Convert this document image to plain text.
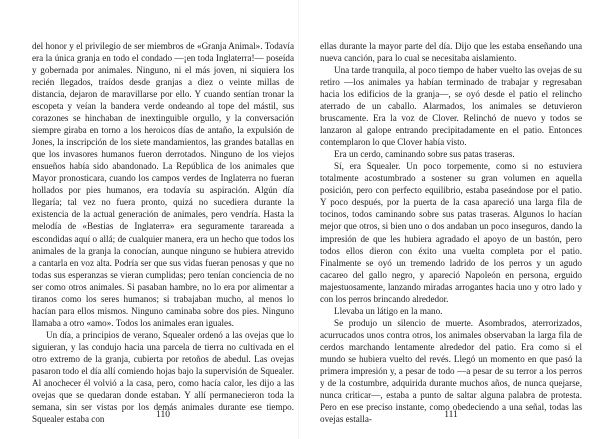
del honor y el privilegio de ser miembros de «Granja Animal». Todavía era la única granja en todo el condado —¡en toda Inglaterra!— poseída y gobernada por animales. Ninguno, ni el más joven, ni siquiera los recién llegados, traídos desde granjas a diez o veinte millas de distancia, dejaron de maravillarse por ello. Y cuando sentían tronar la escopeta y veían la bandera verde ondeando al tope del mástil, sus corazones se hinchaban de inextinguible orgullo, y la conversación siempre giraba en torno a los heroicos días de antaño, la expulsión de Jones, la inscripción de los siete mandamientos, las grandes batallas en que los invasores humanos fueron derrotados. Ninguno de los viejos ensueños había sido abandonado. La República de los animales que Mayor pronosticara, cuando los campos verdes de Inglaterra no fueran hollados por pies humanos, era todavía su aspiración. Algún día llegaría; tal vez no fuera pronto, quizá no sucediera durante la existencia de la actual generación de animales, pero vendría. Hasta la melodía de «Bestias de Inglaterra» era seguramente tarareada a escondidas aquí o allá; de cualquier manera, era un hecho que todos los animales de la granja la conocían, aunque ninguno se hubiera atrevido a cantarla en voz alta. Podría ser que sus vidas fueran penosas y que no todas sus esperanzas se vieran cumplidas; pero tenían conciencia de no ser como otros animales. Si pasaban hambre, no lo era por alimentar a tiranos como los seres humanos; si trabajaban mucho, al menos lo hacían para ellos mismos. Ninguno caminaba sobre dos pies. Ninguno llamaba a otro «amo». Todos los animales eran iguales.

Un día, a principios de verano, Squealer ordenó a las ovejas que lo siguieran, y las condujo hacia una parcela de tierra no cultivada en el otro extremo de la granja, cubierta por retoños de abedul. Las ovejas pasaron todo el día allí comiendo hojas bajo la supervisión de Squealer. Al anochecer él volvió a la casa, pero, como hacía calor, les dijo a las ovejas que se quedaran donde estaban. Y allí permanecieron toda la semana, sin ser vistas por los demás animales durante ese tiempo. Squealer estaba con	110

ellas durante la mayor parte del día. Dijo que les estaba enseñando una nueva canción, para lo cual se necesitaba aislamiento.

Una tarde tranquila, al poco tiempo de haber vuelto las ovejas de su retiro —los animales ya habían terminado de trabajar y regresaban hacia los edificios de la granja—, se oyó desde el patio el relincho aterrado de un caballo. Alarmados, los animales se detuvieron bruscamente. Era la voz de Clover. Relinchó de nuevo y todos se lanzaron al galope entrando precipitadamente en el patio. Entonces contemplaron lo que Clover había visto.

Era un cerdo, caminando sobre sus patas traseras.

Sí, era Squealer. Un poco torpemente, como si no estuviera totalmente acostumbrado a sostener su gran volumen en aquella posición, pero con perfecto equilibrio, estaba paseándose por el patio. Y poco después, por la puerta de la casa apareció una larga fila de tocinos, todos caminando sobre sus patas traseras. Algunos lo hacían mejor que otros, si bien uno o dos andaban un poco inseguros, dando la impresión de que les hubiera agradado el apoyo de un bastón, pero todos ellos dieron con éxito una vuelta completa por el patio. Finalmente se oyó un tremendo ladrido de los perros y un agudo cacareo del gallo negro, y apareció Napoleón en persona, erguido majestuosamente, lanzando miradas arrogantes hacia uno y otro lado y con los perros brincando alrededor.

Llevaba un látigo en la mano.

Se produjo un silencio de muerte. Asombrados, aterrorizados, acurrucados unos contra otros, los animales observaban la larga fila de cerdos marchando lentamente alrededor del patio. Era como si el mundo se hubiera vuelto del revés. Llegó un momento en que pasó la primera impresión y, a pesar de todo —a pesar de su terror a los perros y de la costumbre, adquirida durante muchos años, de nunca quejarse, nunca criticar—, estaba a punto de saltar alguna palabra de protesta. Pero en ese preciso instante, como obedeciendo a una señal, todas las ovejas estalla-	111
